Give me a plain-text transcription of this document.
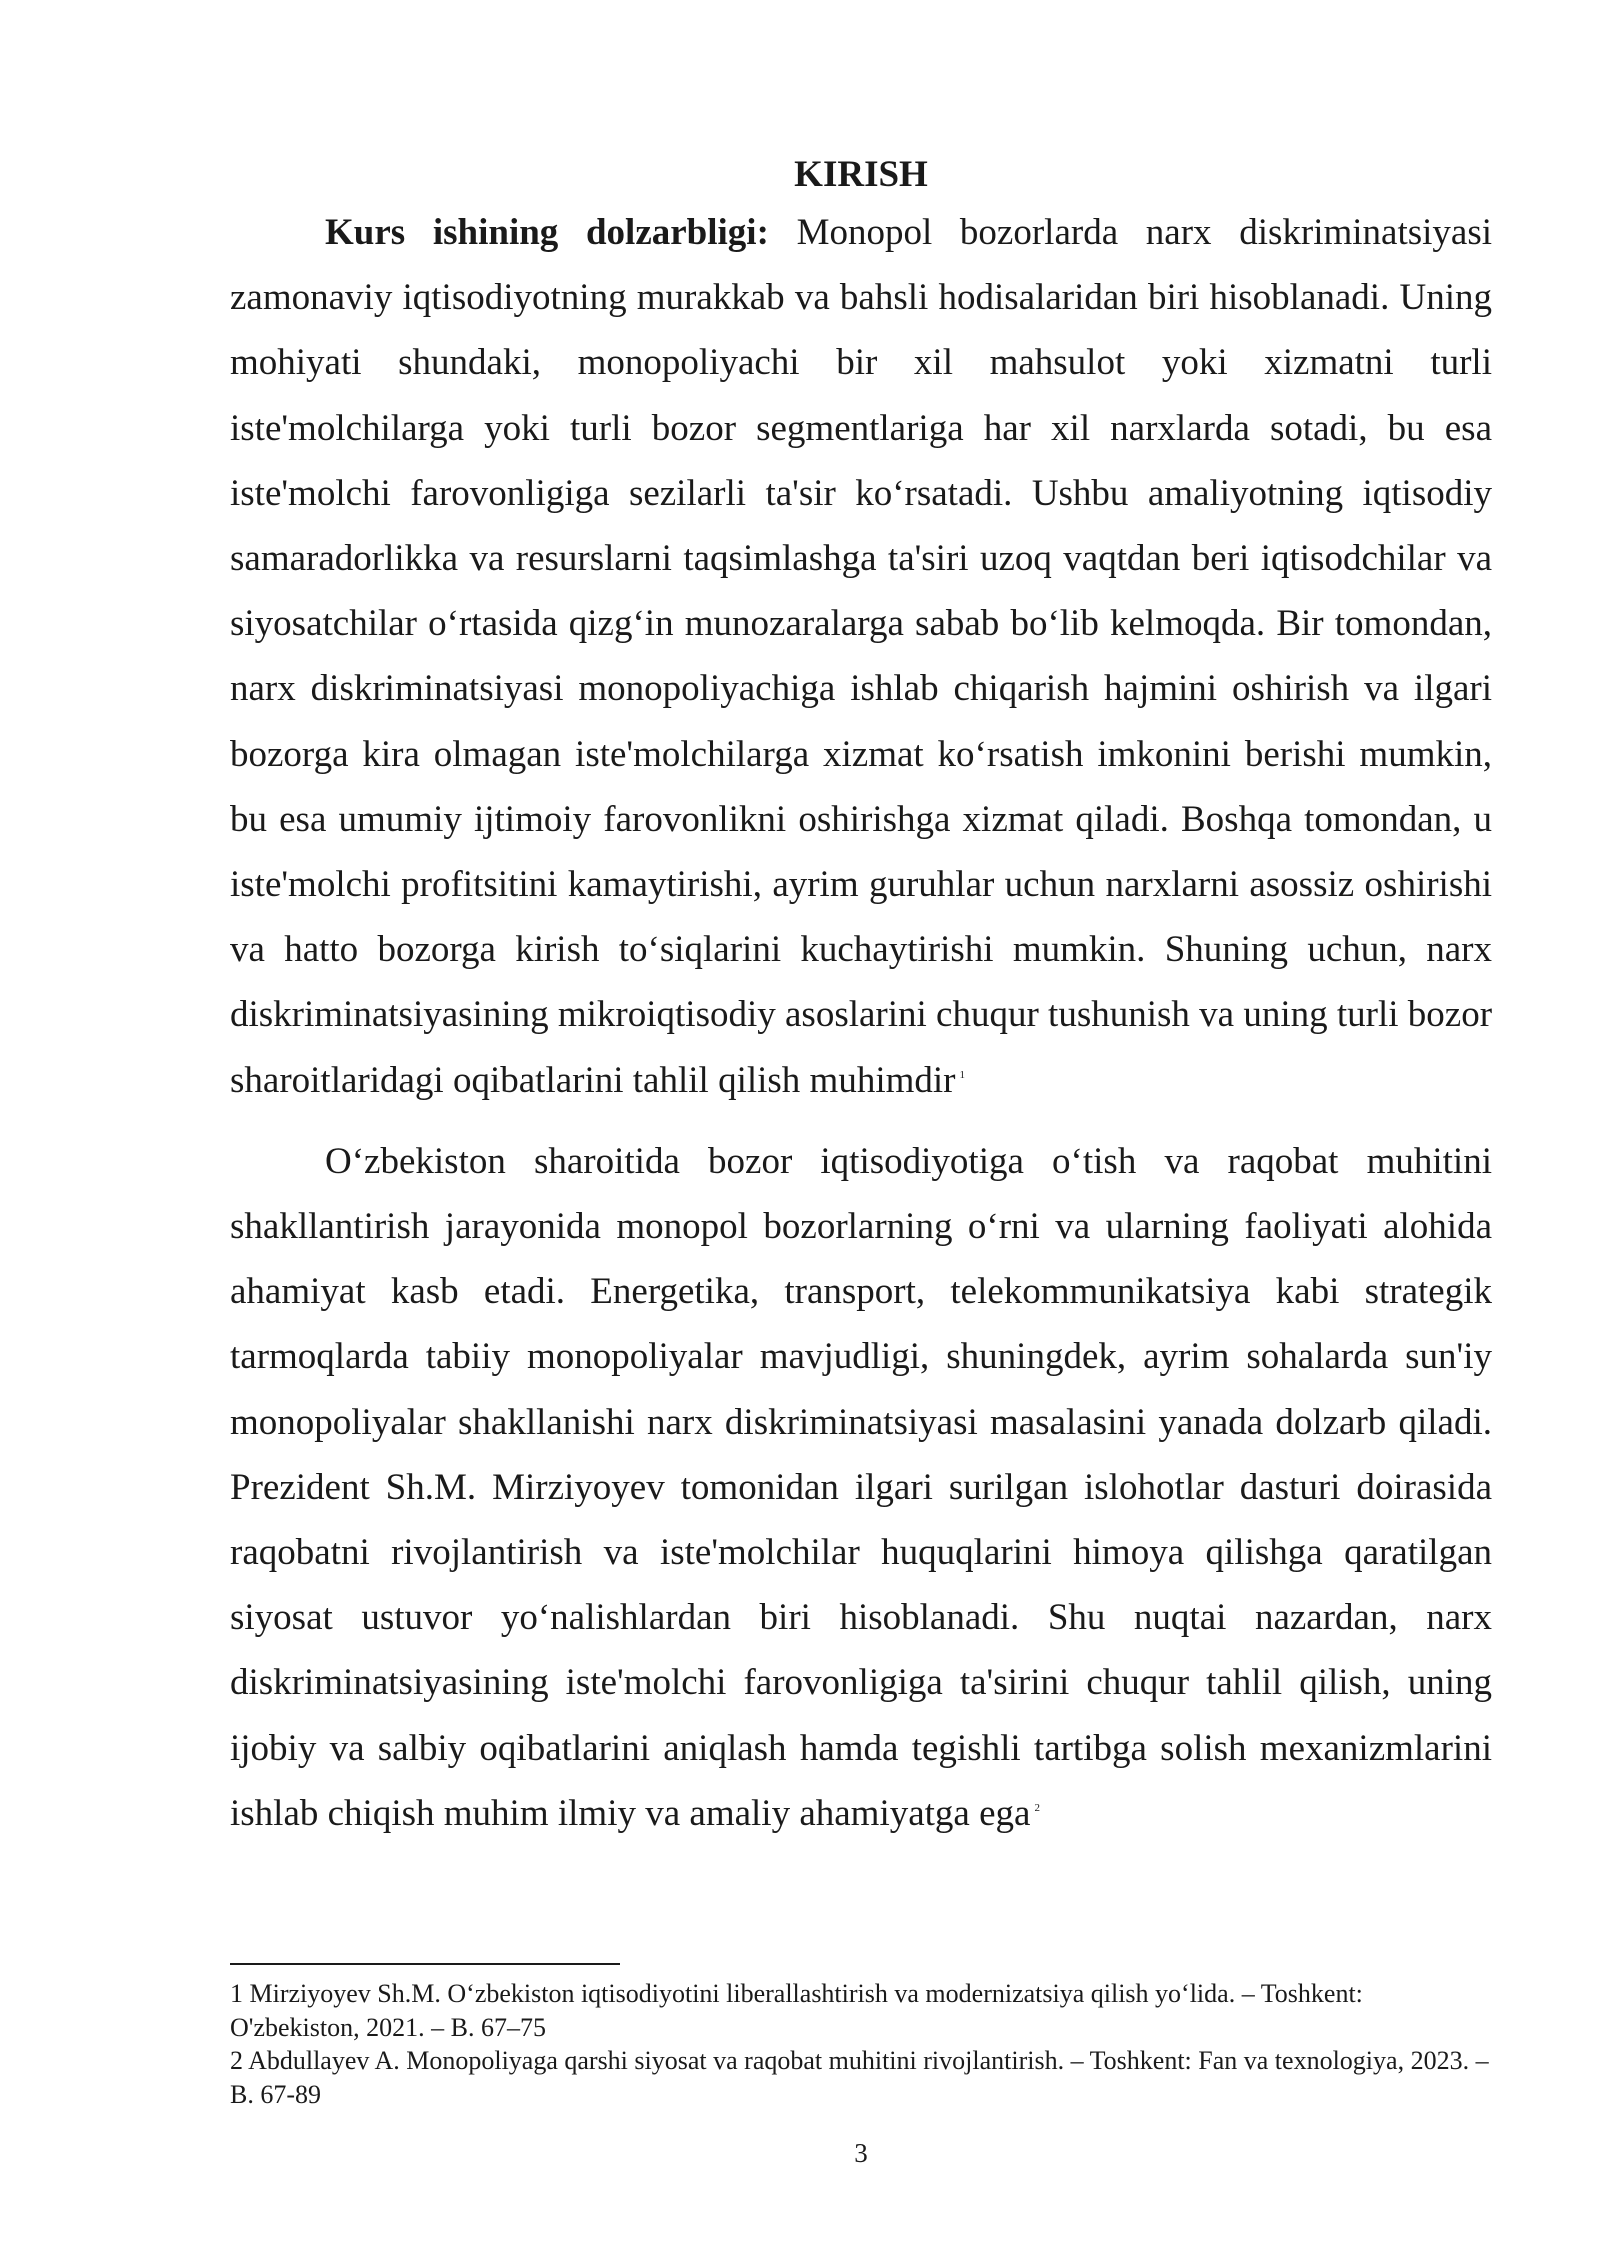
KIRISH

Kurs ishining dolzarbligi: Monopol bozorlarda narx diskriminatsiyasi zamonaviy iqtisodiyotning murakkab va bahsli hodisalaridan biri hisoblanadi. Uning mohiyati shundaki, monopoliyachi bir xil mahsulot yoki xizmatni turli iste'molchilarga yoki turli bozor segmentlariga har xil narxlarda sotadi, bu esa iste'molchi farovonligiga sezilarli ta'sir koʻrsatadi. Ushbu amaliyotning iqtisodiy samaradorlikka va resurslarni taqsimlashga ta'siri uzoq vaqtdan beri iqtisodchilar va siyosatchilar oʻrtasida qizgʻin munozaralarga sabab boʻlib kelmoqda. Bir tomondan, narx diskriminatsiyasi monopoliyachiga ishlab chiqarish hajmini oshirish va ilgari bozorga kira olmagan iste'molchilarga xizmat koʻrsatish imkonini berishi mumkin, bu esa umumiy ijtimoiy farovonlikni oshirishga xizmat qiladi. Boshqa tomondan, u iste'molchi profitsitini kamaytirishi, ayrim guruhlar uchun narxlarni asossiz oshirishi va hatto bozorga kirish toʻsiqlarini kuchaytirishi mumkin. Shuning uchun, narx diskriminatsiyasining mikroiqtisodiy asoslarini chuqur tushunish va uning turli bozor sharoitlaridagi oqibatlarini tahlil qilish muhimdir $^1$

Oʻzbekiston sharoitida bozor iqtisodiyotiga oʻtish va raqobat muhitini shakllantirish jarayonida monopol bozorlarning oʻrni va ularning faoliyati alohida ahamiyat kasb etadi. Energetika, transport, telekommunikatsiya kabi strategik tarmoqlarda tabiiy monopoliyalar mavjudligi, shuningdek, ayrim sohalarda sun'iy monopoliyalar shakllanishi narx diskriminatsiyasi masalasini yanada dolzarb qiladi. Prezident Sh.M. Mirziyoyev tomonidan ilgari surilgan islohotlar dasturi doirasida raqobatni rivojlantirish va iste'molchilar huquqlarini himoya qilishga qaratilgan siyosat ustuvor yoʻnalishlardan biri hisoblanadi. Shu nuqtai nazardan, narx diskriminatsiyasining iste'molchi farovonligiga ta'sirini chuqur tahlil qilish, uning ijobiy va salbiy oqibatlarini aniqlash hamda tegishli tartibga solish mexanizmlarini ishlab chiqish muhim ilmiy va amaliy ahamiyatga ega $^2$

1 Mirziyoyev Sh.M. Oʻzbekiston iqtisodiyotini liberallashtirish va modernizatsiya qilish yoʻlida. – Toshkent: O'zbekiston, 2021. – B. 67–75

2 Abdullayev A. Monopoliyaga qarshi siyosat va raqobat muhitini rivojlantirish. – Toshkent: Fan va texnologiya, 2023. – B. 67-89

3
